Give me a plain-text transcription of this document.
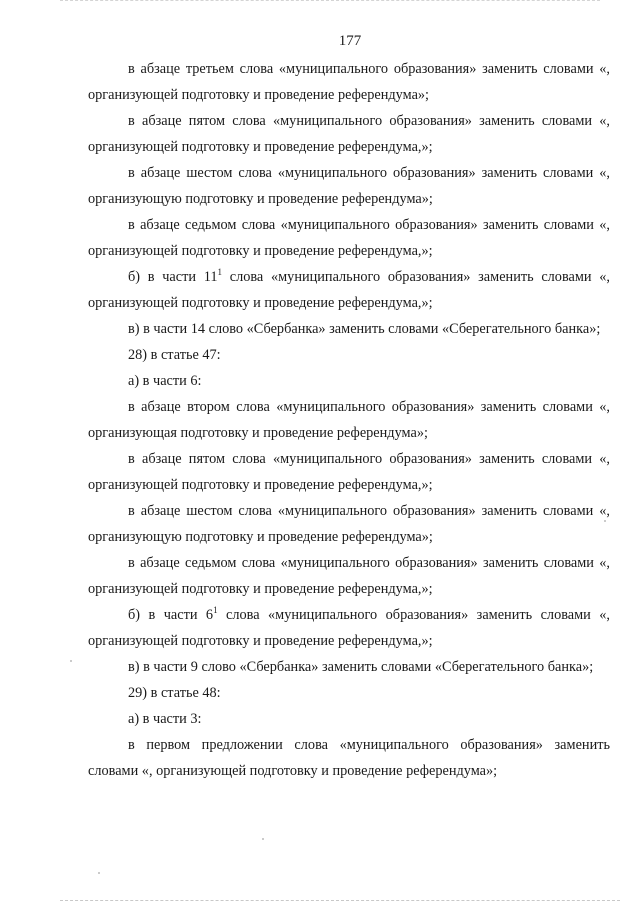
177

в абзаце третьем слова «муниципального образования» заменить словами «, организующей подготовку и проведение референдума»;

в абзаце пятом слова «муниципального образования» заменить словами «, организующей подготовку и проведение референдума,»;

в абзаце шестом слова «муниципального образования» заменить словами «, организующую подготовку и проведение референдума»;

в абзаце седьмом слова «муниципального образования» заменить словами «, организующей подготовку и проведение референдума,»;

б) в части $11^1$ слова «муниципального образования» заменить словами «, организующей подготовку и проведение референдума,»;

в) в части 14 слово «Сбербанка» заменить словами «Сберегательного банка»;

28) в статье 47:

а) в части 6:

в абзаце втором слова «муниципального образования» заменить словами «, организующая подготовку и проведение референдума»;

в абзаце пятом слова «муниципального образования» заменить словами «, организующей подготовку и проведение референдума,»;

в абзаце шестом слова «муниципального образования» заменить словами «, организующую подготовку и проведение референдума»;

в абзаце седьмом слова «муниципального образования» заменить словами «, организующей подготовку и проведение референдума,»;

б) в части $6^1$ слова «муниципального образования» заменить словами «, организующей подготовку и проведение референдума,»;

в) в части 9 слово «Сбербанка» заменить словами «Сберегательного банка»;

29) в статье 48:

а) в части 3:

в первом предложении слова «муниципального образования» заменить словами «, организующей подготовку и проведение референдума»;
